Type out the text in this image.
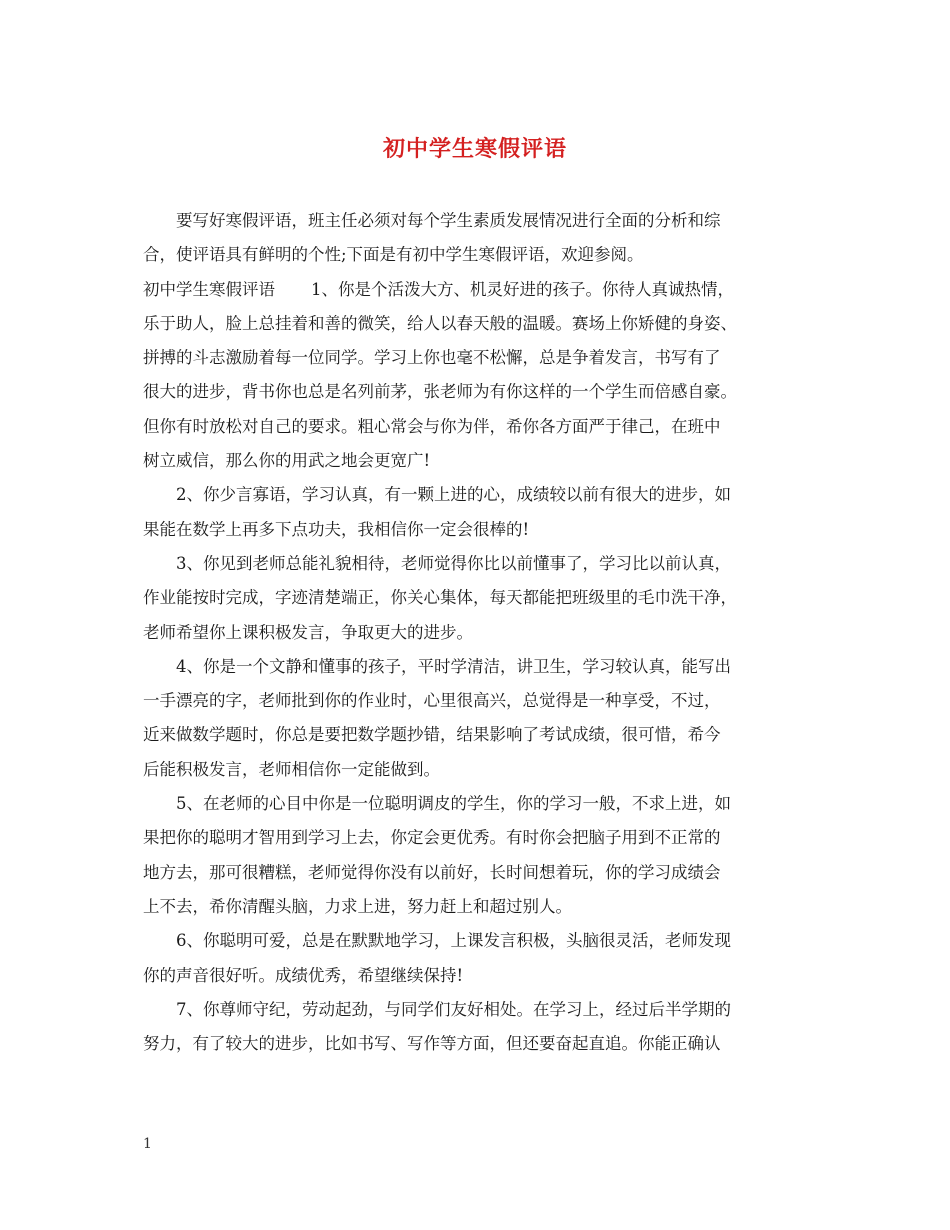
初中学生寒假评语
要写好寒假评语，班主任必须对每个学生素质发展情况进行全面的分析和综
合，使评语具有鲜明的个性;下面是有初中学生寒假评语，欢迎参阅。
初中学生寒假评语 1、你是个活泼大方、机灵好进的孩子。你待人真诚热情，
乐于助人，脸上总挂着和善的微笑，给人以春天般的温暖。赛场上你矫健的身姿、
拼搏的斗志激励着每一位同学。学习上你也毫不松懈，总是争着发言，书写有了
很大的进步，背书你也总是名列前茅，张老师为有你这样的一个学生而倍感自豪。
但你有时放松对自己的要求。粗心常会与你为伴，希你各方面严于律己，在班中
树立威信，那么你的用武之地会更宽广!
2、你少言寡语，学习认真，有一颗上进的心，成绩较以前有很大的进步，如
果能在数学上再多下点功夫，我相信你一定会很棒的!
3、你见到老师总能礼貌相待，老师觉得你比以前懂事了，学习比以前认真，
作业能按时完成，字迹清楚端正，你关心集体，每天都能把班级里的毛巾洗干净，
老师希望你上课积极发言，争取更大的进步。
4、你是一个文静和懂事的孩子，平时学清洁，讲卫生，学习较认真，能写出
一手漂亮的字，老师批到你的作业时，心里很高兴，总觉得是一种享受，不过，
近来做数学题时，你总是要把数学题抄错，结果影响了考试成绩，很可惜，希今
后能积极发言，老师相信你一定能做到。
5、在老师的心目中你是一位聪明调皮的学生，你的学习一般，不求上进，如
果把你的聪明才智用到学习上去，你定会更优秀。有时你会把脑子用到不正常的
地方去，那可很糟糕，老师觉得你没有以前好，长时间想着玩，你的学习成绩会
上不去，希你清醒头脑，力求上进，努力赶上和超过别人。
6、你聪明可爱，总是在默默地学习，上课发言积极，头脑很灵活，老师发现
你的声音很好听。成绩优秀，希望继续保持!
7、你尊师守纪，劳动起劲，与同学们友好相处。在学习上，经过后半学期的
努力，有了较大的进步，比如书写、写作等方面，但还要奋起直追。你能正确认
1
